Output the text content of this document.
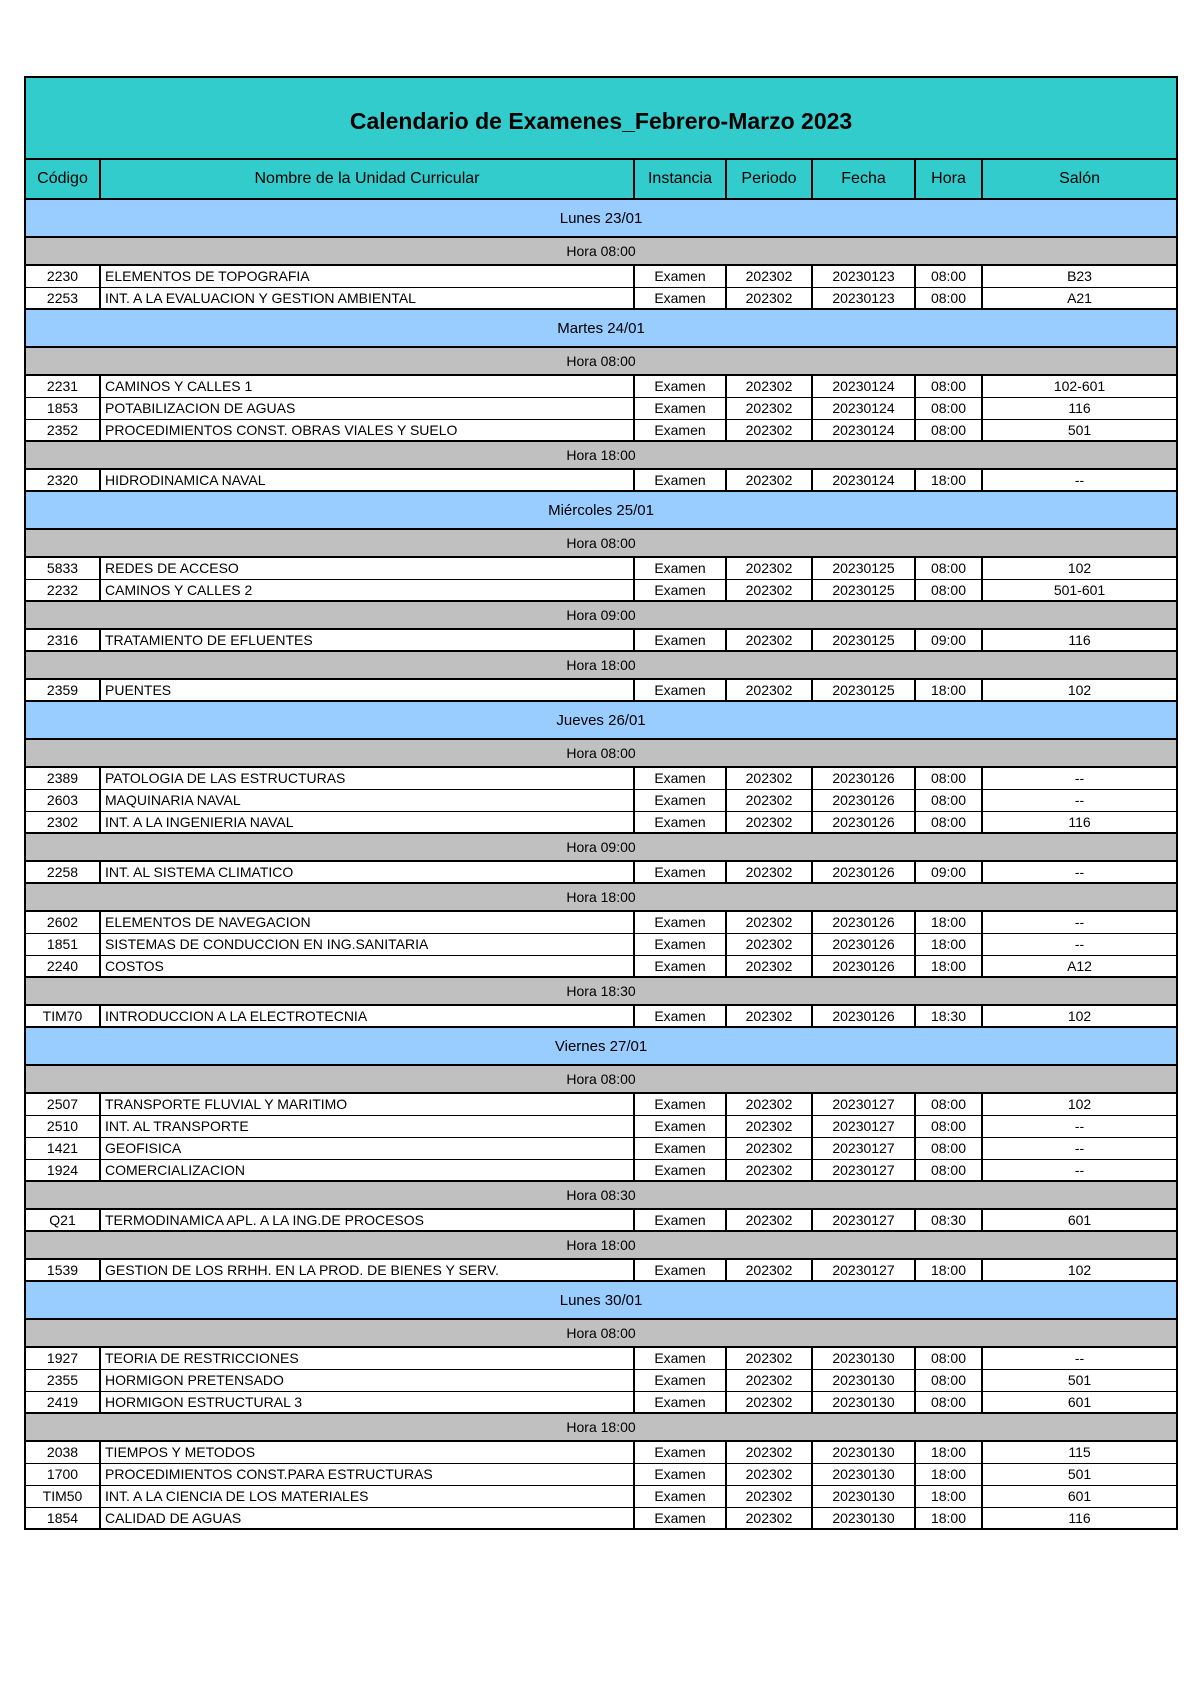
Calendario de Examenes_Febrero-Marzo 2023						
Código	Nombre de la Unidad Curricular	Instancia	Periodo	Fecha	Hora	Salón
Lunes 23/01						
Hora 08:00						
2230	ELEMENTOS DE TOPOGRAFIA	Examen	202302	20230123	08:00	B23
2253	INT. A LA EVALUACION Y GESTION AMBIENTAL	Examen	202302	20230123	08:00	A21
Martes 24/01						
Hora 08:00						
2231	CAMINOS Y CALLES 1	Examen	202302	20230124	08:00	102-601
1853	POTABILIZACION DE AGUAS	Examen	202302	20230124	08:00	116
2352	PROCEDIMIENTOS CONST. OBRAS VIALES Y SUELO	Examen	202302	20230124	08:00	501
Hora 18:00						
2320	HIDRODINAMICA NAVAL	Examen	202302	20230124	18:00	--
Miércoles 25/01						
Hora 08:00						
5833	REDES DE ACCESO	Examen	202302	20230125	08:00	102
2232	CAMINOS Y CALLES 2	Examen	202302	20230125	08:00	501-601
Hora 09:00						
2316	TRATAMIENTO DE EFLUENTES	Examen	202302	20230125	09:00	116
Hora 18:00						
2359	PUENTES	Examen	202302	20230125	18:00	102
Jueves 26/01						
Hora 08:00						
2389	PATOLOGIA DE LAS ESTRUCTURAS	Examen	202302	20230126	08:00	--
2603	MAQUINARIA NAVAL	Examen	202302	20230126	08:00	--
2302	INT. A LA INGENIERIA NAVAL	Examen	202302	20230126	08:00	116
Hora 09:00						
2258	INT. AL SISTEMA CLIMATICO	Examen	202302	20230126	09:00	--
Hora 18:00						
2602	ELEMENTOS DE NAVEGACION	Examen	202302	20230126	18:00	--
1851	SISTEMAS DE CONDUCCION EN ING.SANITARIA	Examen	202302	20230126	18:00	--
2240	COSTOS	Examen	202302	20230126	18:00	A12
Hora 18:30						
TIM70	INTRODUCCION A LA ELECTROTECNIA	Examen	202302	20230126	18:30	102
Viernes 27/01						
Hora 08:00						
2507	TRANSPORTE FLUVIAL Y MARITIMO	Examen	202302	20230127	08:00	102
2510	INT. AL TRANSPORTE	Examen	202302	20230127	08:00	--
1421	GEOFISICA	Examen	202302	20230127	08:00	--
1924	COMERCIALIZACION	Examen	202302	20230127	08:00	--
Hora 08:30						
Q21	TERMODINAMICA APL. A LA ING.DE PROCESOS	Examen	202302	20230127	08:30	601
Hora 18:00						
1539	GESTION DE LOS RRHH. EN LA PROD. DE BIENES Y SERV.	Examen	202302	20230127	18:00	102
Lunes 30/01						
Hora 08:00						
1927	TEORIA DE RESTRICCIONES	Examen	202302	20230130	08:00	--
2355	HORMIGON PRETENSADO	Examen	202302	20230130	08:00	501
2419	HORMIGON ESTRUCTURAL 3	Examen	202302	20230130	08:00	601
Hora 18:00						
2038	TIEMPOS Y METODOS	Examen	202302	20230130	18:00	115
1700	PROCEDIMIENTOS CONST.PARA ESTRUCTURAS	Examen	202302	20230130	18:00	501
TIM50	INT. A LA CIENCIA DE LOS MATERIALES	Examen	202302	20230130	18:00	601
1854	CALIDAD DE AGUAS	Examen	202302	20230130	18:00	116
